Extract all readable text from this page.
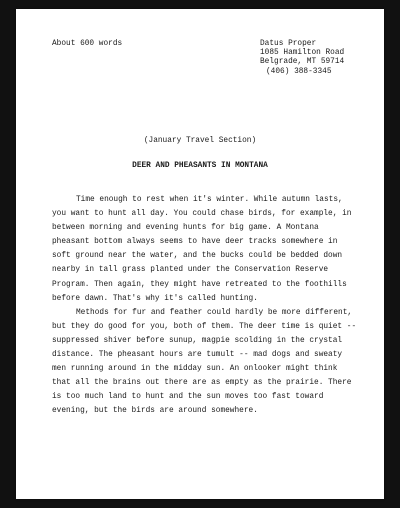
About 600 words	Datus Proper
1085 Hamilton Road
Belgrade, MT 59714
(406) 388-3345
(January Travel Section)
DEER AND PHEASANTS IN MONTANA
Time enough to rest when it's winter. While autumn lasts,
you want to hunt all day. You could chase birds, for example, in
between morning and evening hunts for big game. A Montana
pheasant bottom always seems to have deer tracks somewhere in
soft ground near the water, and the bucks could be bedded down
nearby in tall grass planted under the Conservation Reserve
Program. Then again, they might have retreated to the foothills
before dawn. That's why it's called hunting.
Methods for fur and feather could hardly be more different,
but they do good for you, both of them. The deer time is quiet --
suppressed shiver before sunup, magpie scolding in the crystal
distance. The pheasant hours are tumult -- mad dogs and sweaty
men running around in the midday sun. An onlooker might think
that all the brains out there are as empty as the prairie. There
is too much land to hunt and the sun moves too fast toward
evening, but the birds are around somewhere.
